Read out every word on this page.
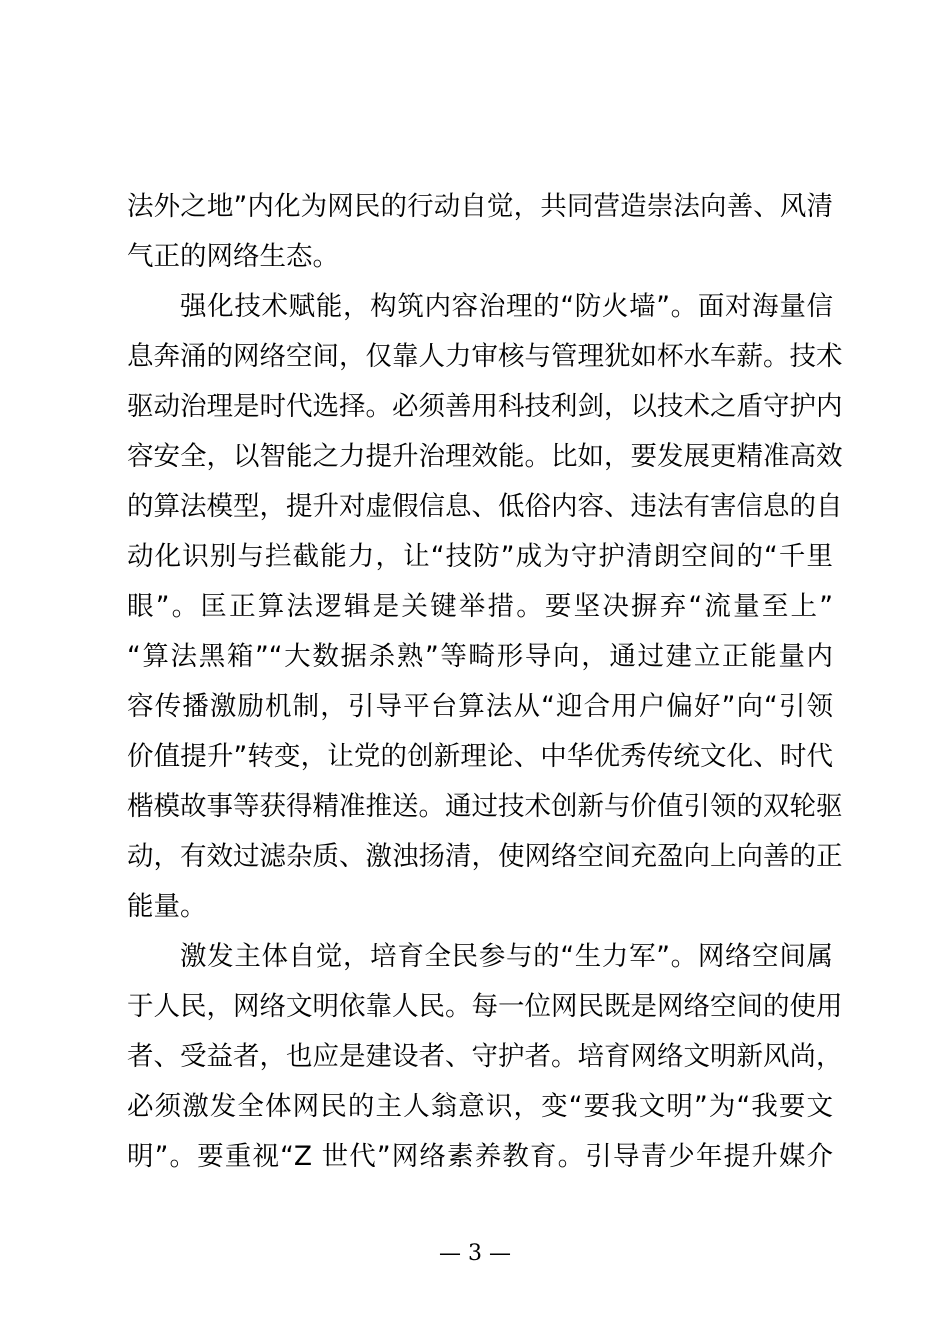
法外之地”内化为网民的行动自觉，共同营造崇法向善、风清

气正的网络生态。

强化技术赋能，构筑内容治理的“防火墙”。面对海量信

息奔涌的网络空间，仅靠人力审核与管理犹如杯水车薪。技术

驱动治理是时代选择。必须善用科技利剑，以技术之盾守护内

容安全，以智能之力提升治理效能。比如，要发展更精准高效

的算法模型，提升对虚假信息、低俗内容、违法有害信息的自

动化识别与拦截能力，让“技防”成为守护清朗空间的“千里

眼”。匡正算法逻辑是关键举措。要坚决摒弃“流量至上”

“算法黑箱”“大数据杀熟”等畸形导向，通过建立正能量内

容传播激励机制，引导平台算法从“迎合用户偏好”向“引领

价值提升”转变，让党的创新理论、中华优秀传统文化、时代

楷模故事等获得精准推送。通过技术创新与价值引领的双轮驱

动，有效过滤杂质、激浊扬清，使网络空间充盈向上向善的正

能量。

激发主体自觉，培育全民参与的“生力军”。网络空间属

于人民，网络文明依靠人民。每一位网民既是网络空间的使用

者、受益者，也应是建设者、守护者。培育网络文明新风尚，

必须激发全体网民的主人翁意识，变“要我文明”为“我要文

明”。要重视“Z 世代”网络素养教育。引导青少年提升媒介

— 3 —
